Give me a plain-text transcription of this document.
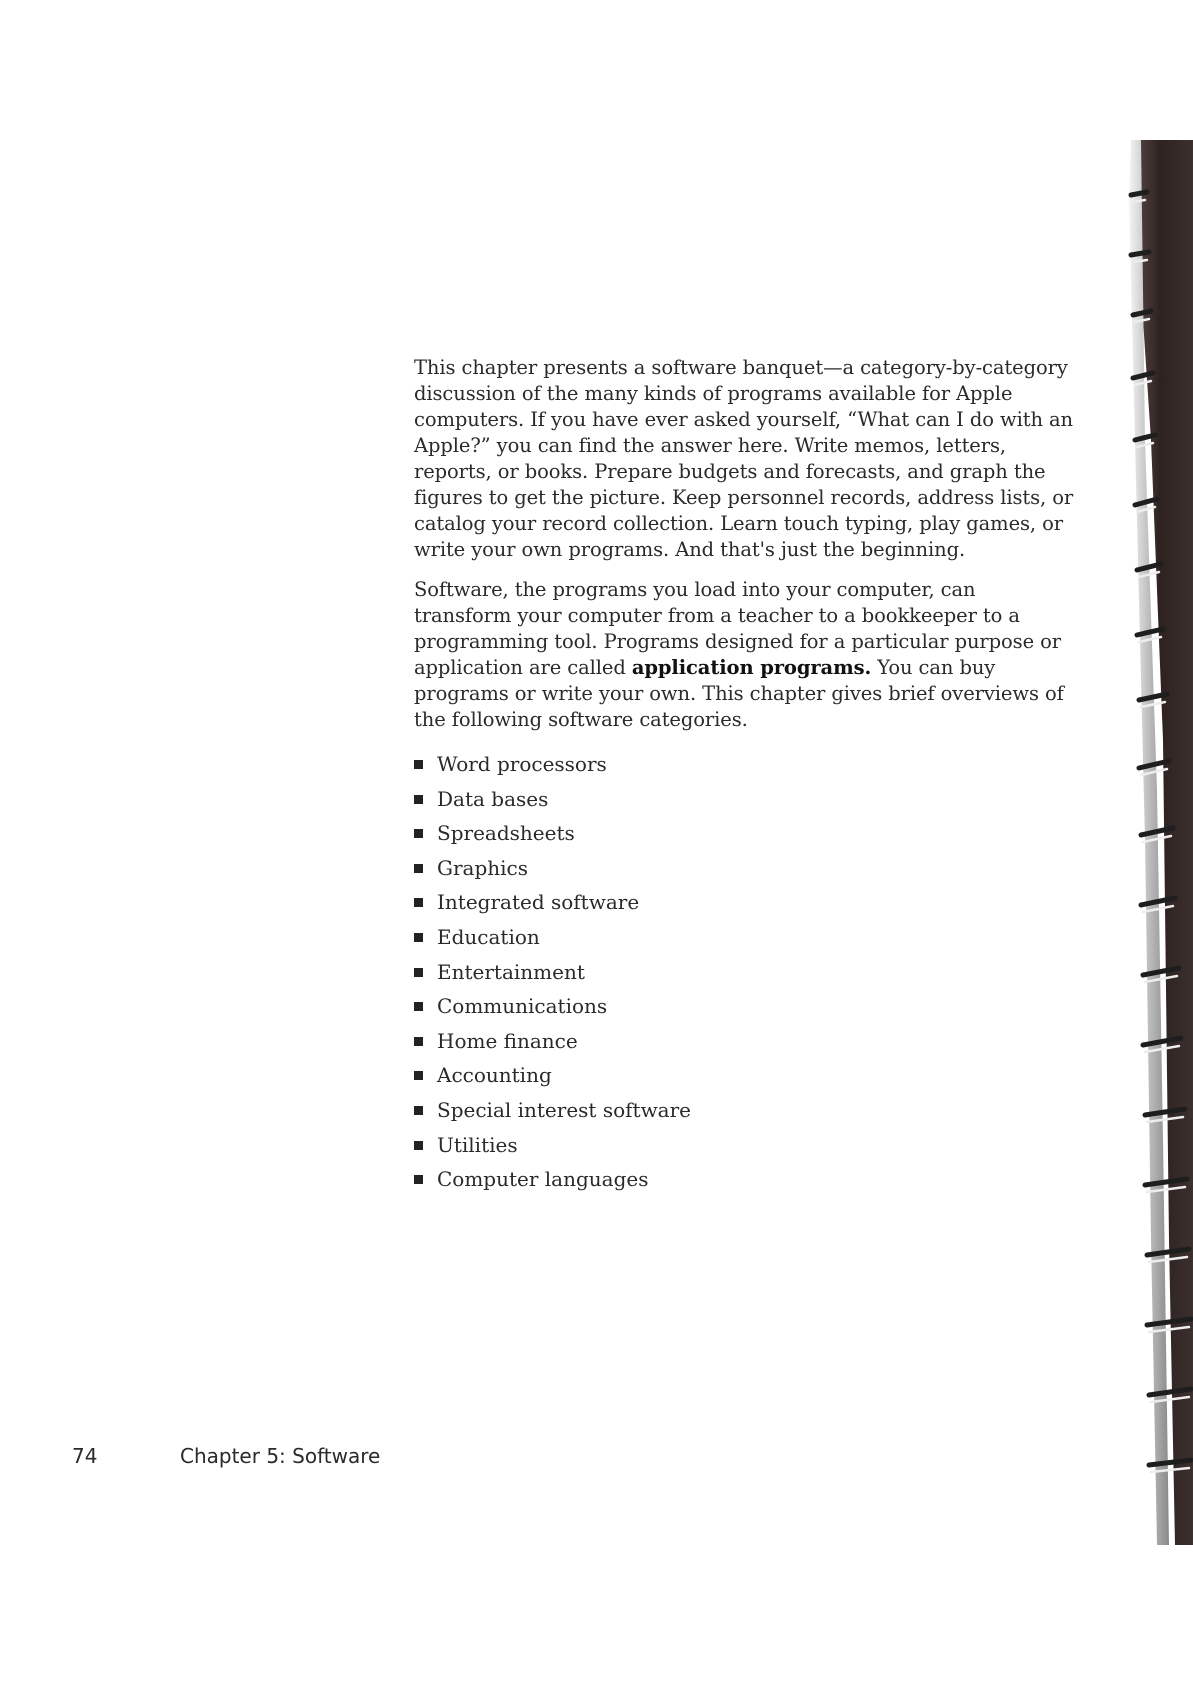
This chapter presents a software banquet—a category-by-category discussion of the many kinds of programs available for Apple computers. If you have ever asked yourself, “What can I do with an Apple?” you can find the answer here. Write memos, letters, reports, or books. Prepare budgets and forecasts, and graph the figures to get the picture. Keep personnel records, address lists, or catalog your record collection. Learn touch typing, play games, or write your own programs. And that's just the beginning.

Software, the programs you load into your computer, can transform your computer from a teacher to a bookkeeper to a programming tool. Programs designed for a particular purpose or application are called application programs. You can buy programs or write your own. This chapter gives brief overviews of the following software categories.

Word processors
Data bases
Spreadsheets
Graphics
Integrated software
Education
Entertainment
Communications
Home finance
Accounting
Special interest software
Utilities
Computer languages
74	Chapter 5: Software
